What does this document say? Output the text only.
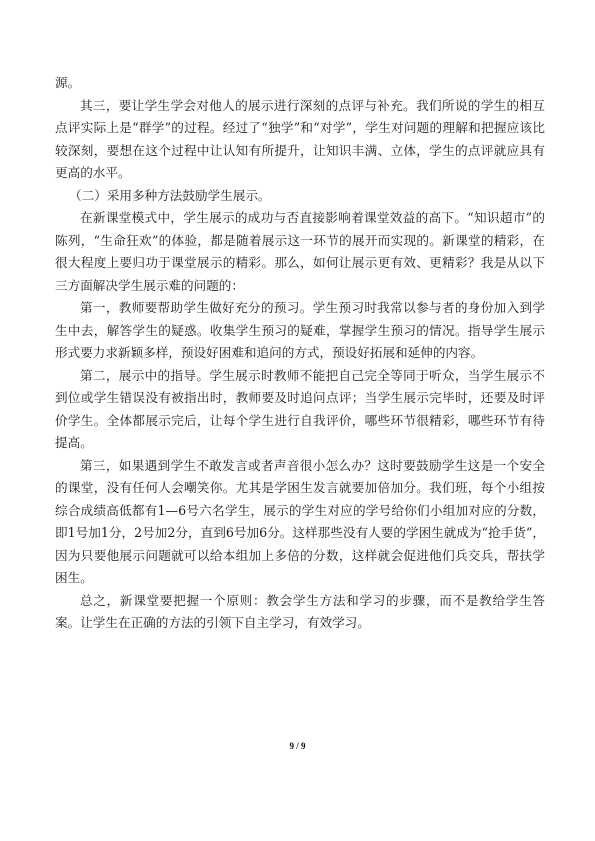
源。

其三，要让学生学会对他人的展示进行深刻的点评与补充。我们所说的学生的相互点评实际上是“群学”的过程。经过了“独学”和“对学”，学生对问题的理解和把握应该比较深刻，要想在这个过程中让认知有所提升，让知识丰满、立体，学生的点评就应具有更高的水平。

（二）采用多种方法鼓励学生展示。

在新课堂模式中，学生展示的成功与否直接影响着课堂效益的高下。“知识超市”的陈列，“生命狂欢”的体验，都是随着展示这一环节的展开而实现的。新课堂的精彩，在很大程度上要归功于课堂展示的精彩。那么，如何让展示更有效、更精彩？我是从以下三方面解决学生展示难的问题的：

第一，教师要帮助学生做好充分的预习。学生预习时我常以参与者的身份加入到学生中去，解答学生的疑惑。收集学生预习的疑难，掌握学生预习的情况。指导学生展示形式要力求新颖多样，预设好困难和追问的方式，预设好拓展和延伸的内容。

第二，展示中的指导。学生展示时教师不能把自己完全等同于听众，当学生展示不到位或学生错误没有被指出时，教师要及时追问点评；当学生展示完毕时，还要及时评价学生。全体都展示完后，让每个学生进行自我评价，哪些环节很精彩，哪些环节有待提高。

第三，如果遇到学生不敢发言或者声音很小怎么办？这时要鼓励学生这是一个安全的课堂，没有任何人会嘲笑你。尤其是学困生发言就要加倍加分。我们班，每个小组按综合成绩高低都有1—6号六名学生，展示的学生对应的学号给你们小组加对应的分数，即1号加1分，2号加2分，直到6号加6分。这样那些没有人要的学困生就成为“抢手货”，因为只要他展示问题就可以给本组加上多倍的分数，这样就会促进他们兵交兵，帮扶学困生。

总之，新课堂要把握一个原则：教会学生方法和学习的步骤，而不是教给学生答案。让学生在正确的方法的引领下自主学习，有效学习。

9 / 9
